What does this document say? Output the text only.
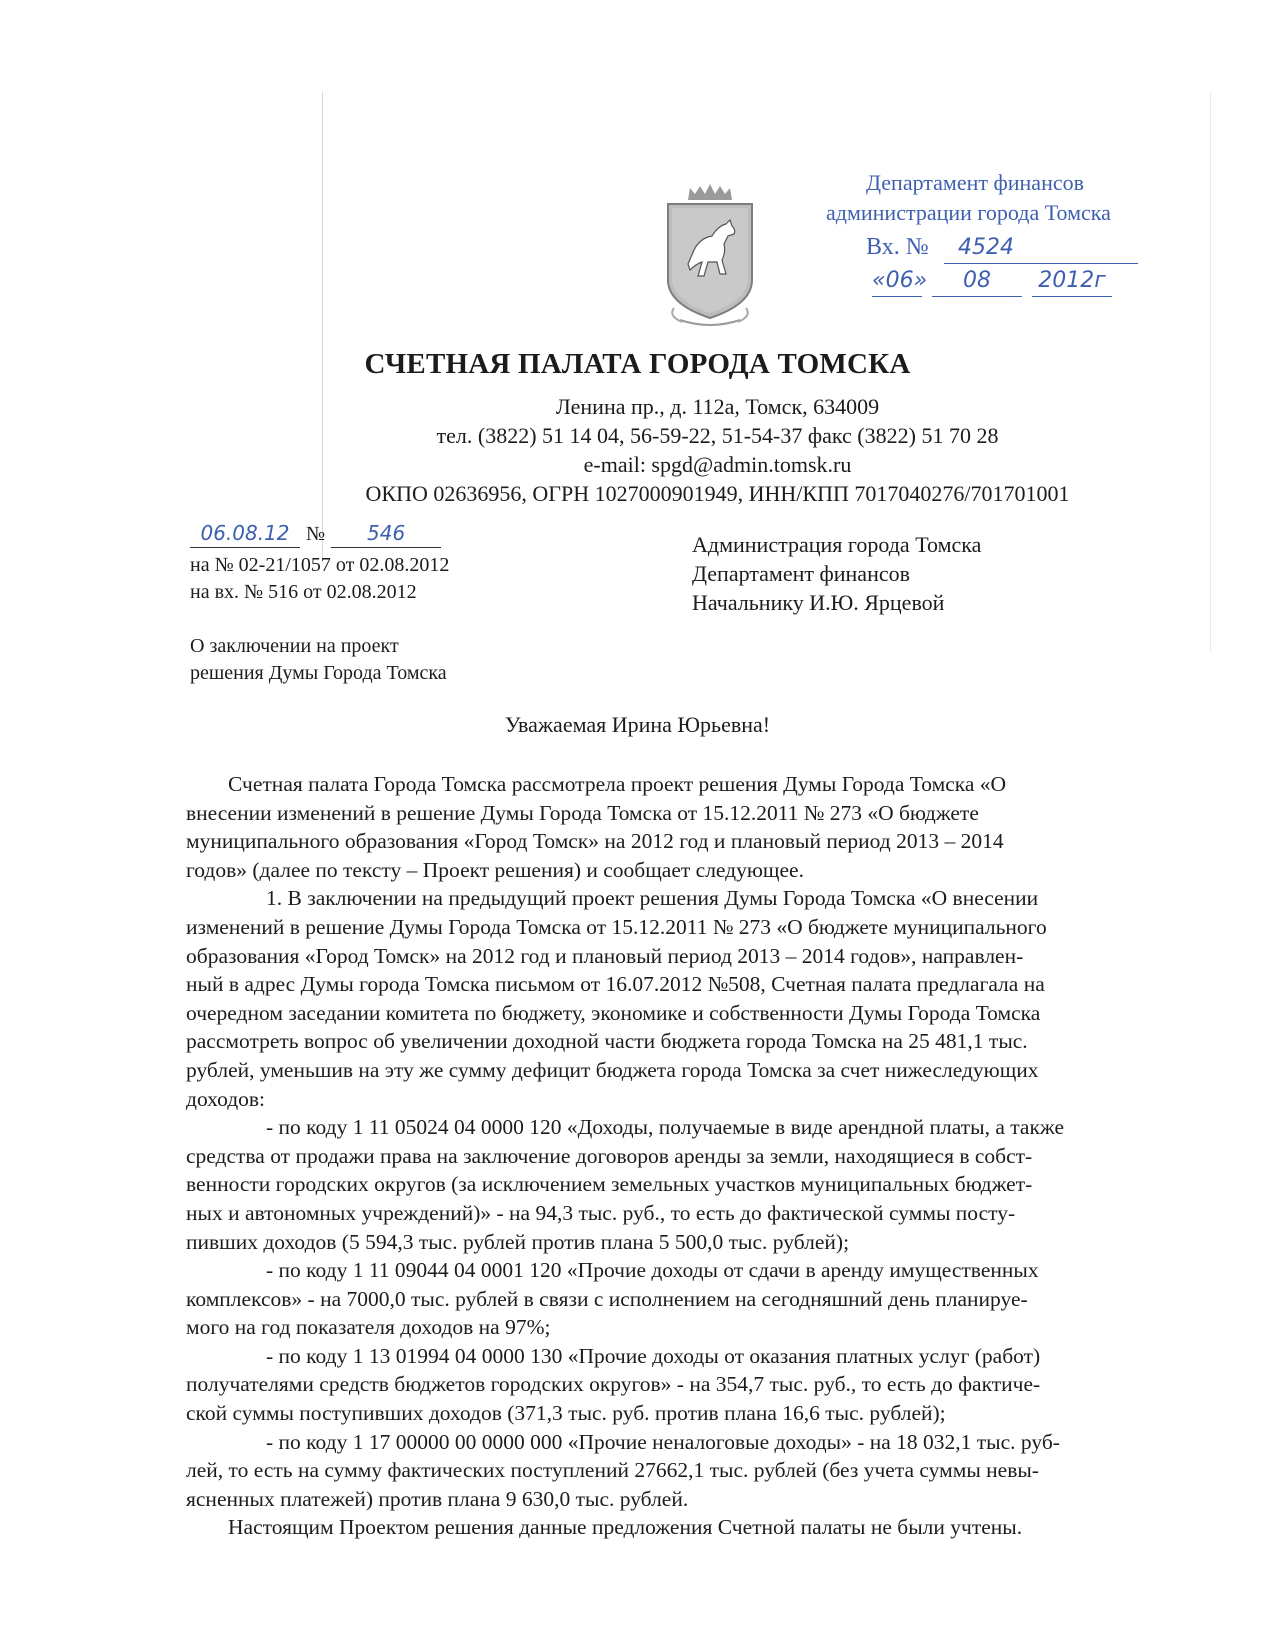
Департамент финансов
администрации города Томска
Вх. № 4524
«06» 08 2012г
СЧЕТНАЯ ПАЛАТА ГОРОДА ТОМСКА
Ленина пр., д. 112а, Томск, 634009
тел. (3822) 51 14 04, 56-59-22, 51-54-37 факс (3822) 51 70 28
e-mail: spgd@admin.tomsk.ru
ОКПО 02636956, ОГРН 1027000901949, ИНН/КПП 7017040276/701701001
06.08.12 № 546
на № 02-21/1057 от 02.08.2012
на вх. № 516 от 02.08.2012
Администрация города Томска
Департамент финансов
Начальнику И.Ю. Ярцевой
О заключении на проект
решения Думы Города Томска
Уважаемая Ирина Юрьевна!

Счетная палата Города Томска рассмотрела проект решения Думы Города Томска «О

внесении изменений в решение Думы Города Томска от 15.12.2011 № 273 «О бюджете

муниципального образования «Город Томск» на 2012 год и плановый период 2013 – 2014

годов» (далее по тексту – Проект решения) и сообщает следующее.

1. В заключении на предыдущий проект решения Думы Города Томска «О внесении

изменений в решение Думы Города Томска от 15.12.2011 № 273 «О бюджете муниципального

образования «Город Томск» на 2012 год и плановый период 2013 – 2014 годов», направлен-

ный в адрес Думы города Томска письмом от 16.07.2012 №508, Счетная палата предлагала на

очередном заседании комитета по бюджету, экономике и собственности Думы Города Томска

рассмотреть вопрос об увеличении доходной части бюджета города Томска на 25 481,1 тыс.

рублей, уменьшив на эту же сумму дефицит бюджета города Томска за счет нижеследующих

доходов:

- по коду 1 11 05024 04 0000 120 «Доходы, получаемые в виде арендной платы, а также

средства от продажи права на заключение договоров аренды за земли, находящиеся в собст-

венности городских округов (за исключением земельных участков муниципальных бюджет-

ных и автономных учреждений)» - на 94,3 тыс. руб., то есть до фактической суммы посту-

пивших доходов (5 594,3 тыс. рублей против плана 5 500,0 тыс. рублей);

- по коду 1 11 09044 04 0001 120 «Прочие доходы от сдачи в аренду имущественных

комплексов» - на 7000,0 тыс. рублей в связи с исполнением на сегодняшний день планируе-

мого на год показателя доходов на 97%;

- по коду 1 13 01994 04 0000 130 «Прочие доходы от оказания платных услуг (работ)

получателями средств бюджетов городских округов» - на 354,7 тыс. руб., то есть до фактиче-

ской суммы поступивших доходов (371,3 тыс. руб. против плана 16,6 тыс. рублей);

- по коду 1 17 00000 00 0000 000 «Прочие неналоговые доходы» - на 18 032,1 тыс. руб-

лей, то есть на сумму фактических поступлений 27662,1 тыс. рублей (без учета суммы невы-

ясненных платежей) против плана 9 630,0 тыс. рублей.

Настоящим Проектом решения данные предложения Счетной палаты не были учтены.
